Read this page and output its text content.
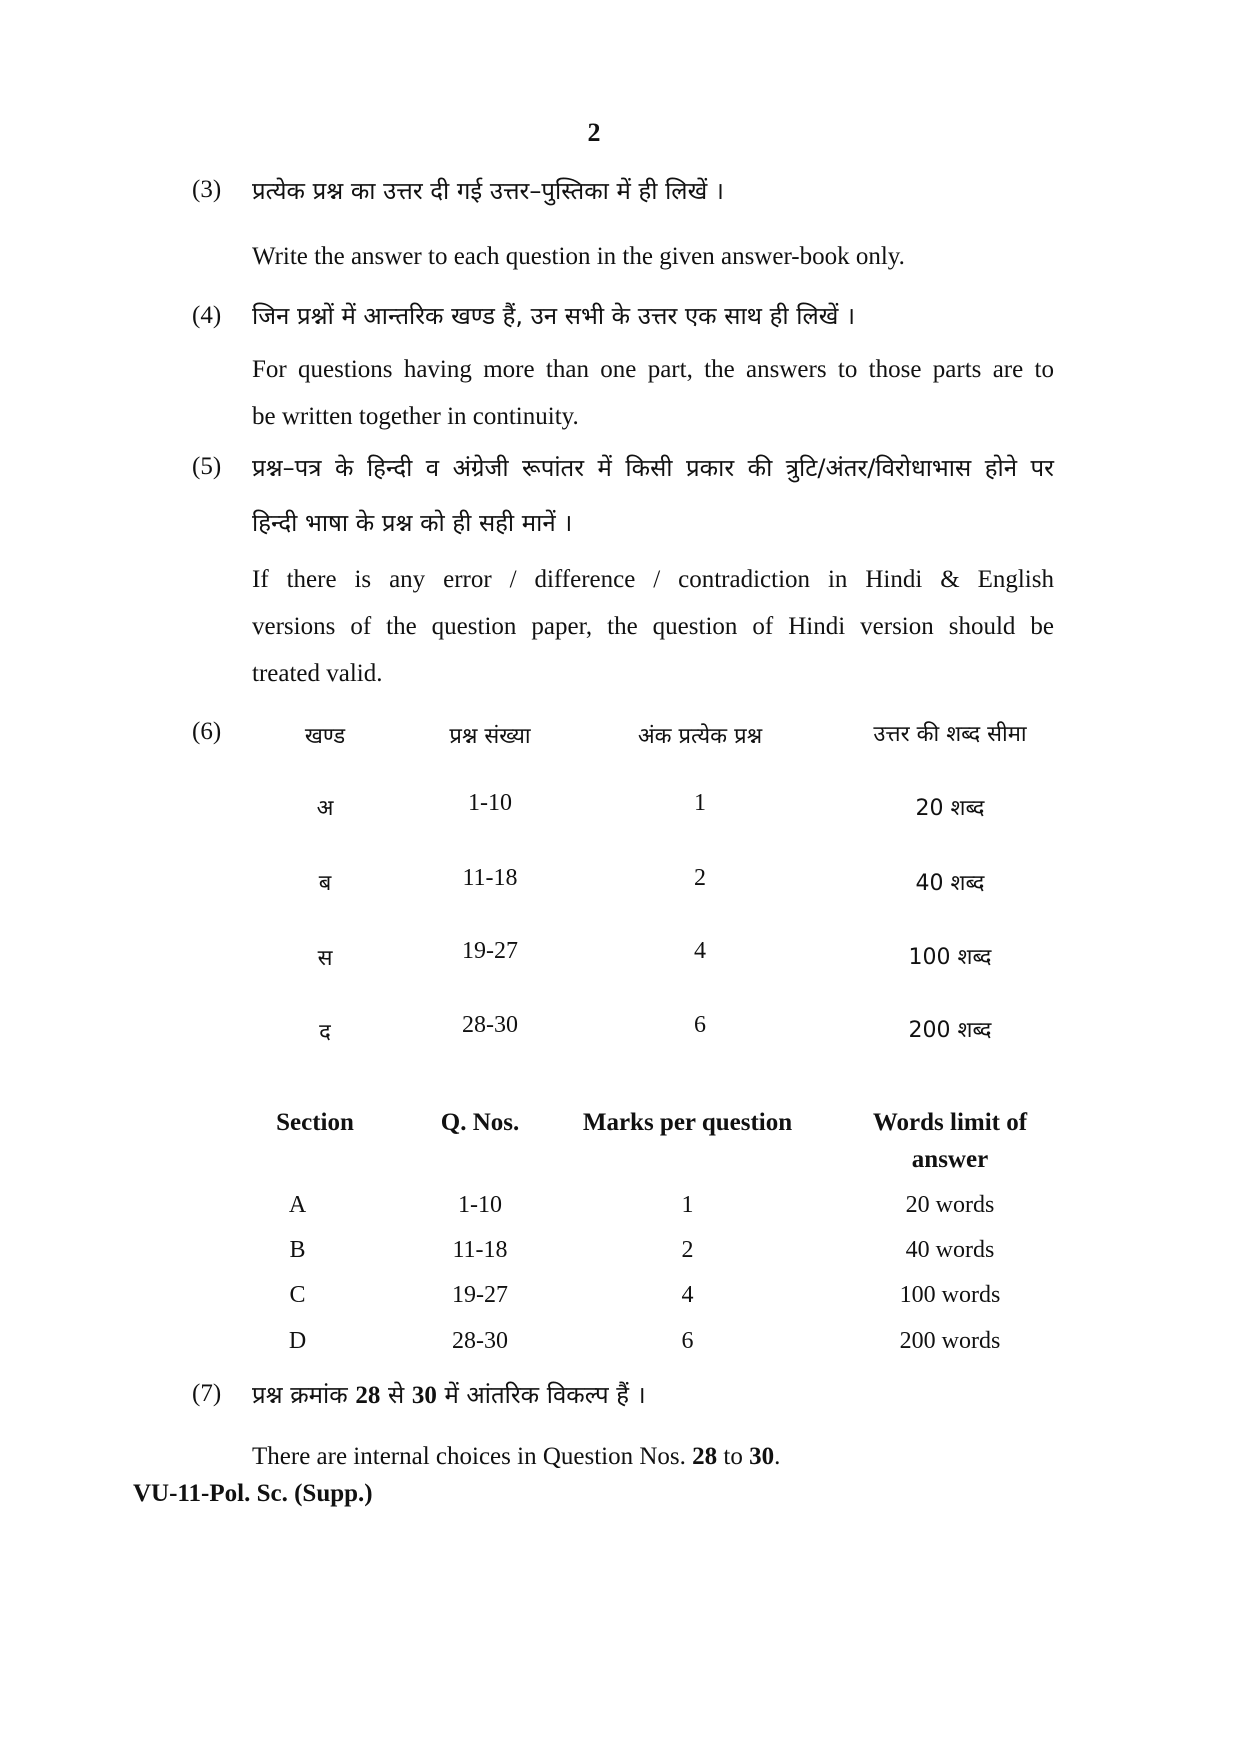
2
(3) प्रत्येक प्रश्न का उत्तर दी गई उत्तर–पुस्तिका में ही लिखें ।
Write the answer to each question in the given answer-book only.
(4) जिन प्रश्नों में आन्तरिक खण्ड हैं, उन सभी के उत्तर एक साथ ही लिखें ।
For questions having more than one part, the answers to those parts are to
be written together in continuity.
(5) प्रश्न–पत्र के हिन्दी व अंग्रेजी रूपांतर में किसी प्रकार की त्रुटि/अंतर/विरोधाभास होने पर
हिन्दी भाषा के प्रश्न को ही सही मानें ।
If there is any error / difference / contradiction in Hindi & English
versions of the question paper, the question of Hindi version should be
treated valid.
(6)	खण्ड	प्रश्न संख्या	अंक प्रत्येक प्रश्न	उत्तर की शब्द सीमा
अ	1-10	1	20 शब्द
ब	11-18	2	40 शब्द
स	19-27	4	100 शब्द
द	28-30	6	200 शब्द
Section	Q. Nos.	Marks per question	Words limit of
answer
A	1-10	1	20 words
B	11-18	2	40 words
C	19-27	4	100 words
D	28-30	6	200 words
(7) प्रश्न क्रमांक 28 से 30 में आंतरिक विकल्प हैं ।
There are internal choices in Question Nos. 28 to 30.
VU-11-Pol. Sc. (Supp.)
